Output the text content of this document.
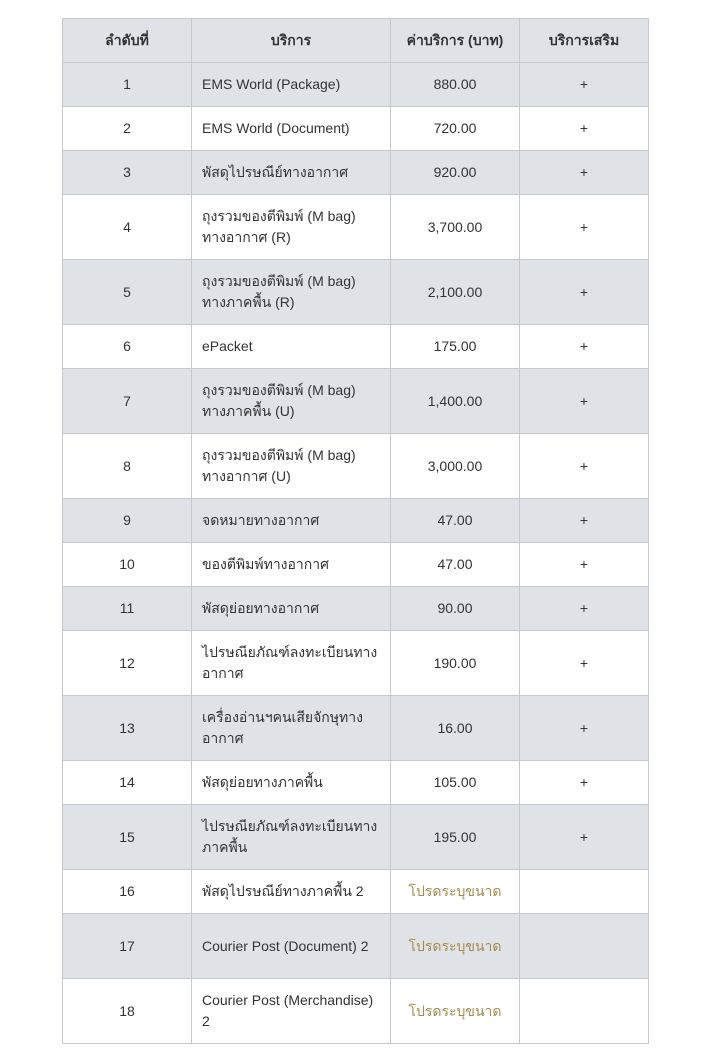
ลำดับที่	บริการ	ค่าบริการ (บาท)	บริการเสริม
1	EMS World (Package)	880.00	+
2	EMS World (Document)	720.00	+
3	พัสดุไปรษณีย์ทางอากาศ	920.00	+
4	ถุงรวมของตีพิมพ์ (M bag) ทางอากาศ (R)	3,700.00	+
5	ถุงรวมของตีพิมพ์ (M bag) ทางภาคพื้น (R)	2,100.00	+
6	ePacket	175.00	+
7	ถุงรวมของตีพิมพ์ (M bag) ทางภาคพื้น (U)	1,400.00	+
8	ถุงรวมของตีพิมพ์ (M bag) ทางอากาศ (U)	3,000.00	+
9	จดหมายทางอากาศ	47.00	+
10	ของตีพิมพ์ทางอากาศ	47.00	+
11	พัสดุย่อยทางอากาศ	90.00	+
12	ไปรษณียภัณฑ์ลงทะเบียนทาง อากาศ	190.00	+
13	เครื่องอ่านฯคนเสียจักษุทาง อากาศ	16.00	+
14	พัสดุย่อยทางภาคพื้น	105.00	+
15	ไปรษณียภัณฑ์ลงทะเบียนทาง ภาคพื้น	195.00	+
16	พัสดุไปรษณีย์ทางภาคพื้น 2	โปรดระบุขนาด	
17	Courier Post (Document) 2	โปรดระบุขนาด	
18	Courier Post (Merchandise) 2	โปรดระบุขนาด	
